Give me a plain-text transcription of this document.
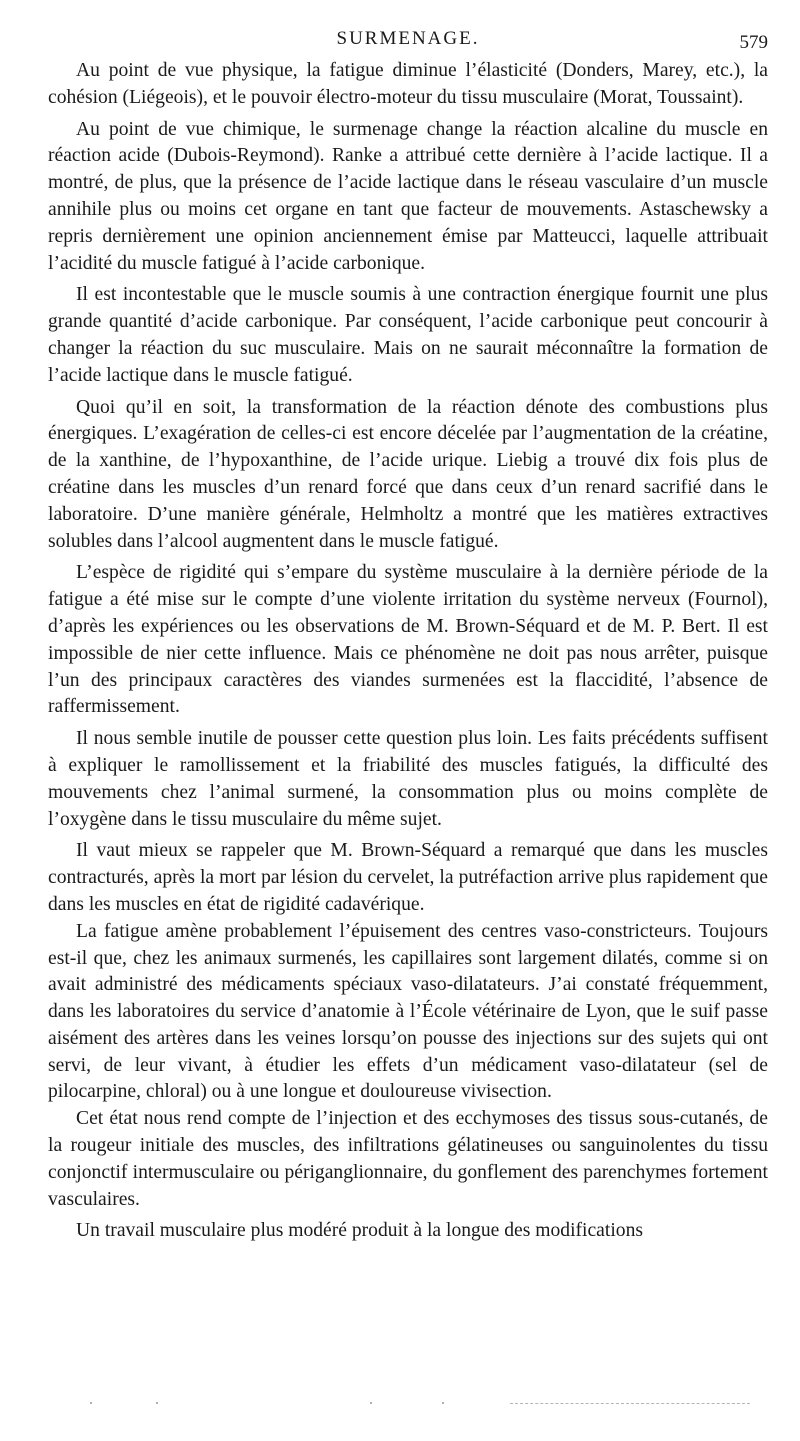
SURMENAGE.	579

Au point de vue physique, la fatigue diminue l’élasticité (Donders, Marey, etc.), la cohésion (Liégeois), et le pouvoir électro-moteur du tissu musculaire (Morat, Toussaint).

Au point de vue chimique, le surmenage change la réaction alcaline du muscle en réaction acide (Dubois-Reymond). Ranke a attribué cette dernière à l’acide lactique. Il a montré, de plus, que la présence de l’acide lactique dans le réseau vasculaire d’un muscle annihile plus ou moins cet organe en tant que facteur de mouvements. Astaschewsky a repris dernièrement une opinion anciennement émise par Matteucci, laquelle attribuait l’acidité du muscle fatigué à l’acide carbonique.

Il est incontestable que le muscle soumis à une contraction énergique fournit une plus grande quantité d’acide carbonique. Par conséquent, l’acide carbonique peut concourir à changer la réaction du suc musculaire. Mais on ne saurait méconnaître la formation de l’acide lactique dans le muscle fatigué.

Quoi qu’il en soit, la transformation de la réaction dénote des combustions plus énergiques. L’exagération de celles-ci est encore décelée par l’augmentation de la créatine, de la xanthine, de l’hypoxanthine, de l’acide urique. Liebig a trouvé dix fois plus de créatine dans les muscles d’un renard forcé que dans ceux d’un renard sacrifié dans le laboratoire. D’une manière générale, Helmholtz a montré que les matières extractives solubles dans l’alcool augmentent dans le muscle fatigué.

L’espèce de rigidité qui s’empare du système musculaire à la dernière période de la fatigue a été mise sur le compte d’une violente irritation du système nerveux (Fournol), d’après les expériences ou les observations de M. Brown-Séquard et de M. P. Bert. Il est impossible de nier cette influence. Mais ce phénomène ne doit pas nous arrêter, puisque l’un des principaux caractères des viandes surmenées est la flaccidité, l’absence de raffermissement.

Il nous semble inutile de pousser cette question plus loin. Les faits précédents suffisent à expliquer le ramollissement et la friabilité des muscles fatigués, la difficulté des mouvements chez l’animal surmené, la consommation plus ou moins complète de l’oxygène dans le tissu musculaire du même sujet.

Il vaut mieux se rappeler que M. Brown-Séquard a remarqué que dans les muscles contracturés, après la mort par lésion du cervelet, la putréfaction arrive plus rapidement que dans les muscles en état de rigidité cadavérique.

La fatigue amène probablement l’épuisement des centres vaso-constricteurs. Toujours est-il que, chez les animaux surmenés, les capillaires sont largement dilatés, comme si on avait administré des médicaments spéciaux vaso-dilatateurs. J’ai constaté fréquemment, dans les laboratoires du service d’anatomie à l’École vétérinaire de Lyon, que le suif passe aisément des artères dans les veines lorsqu’on pousse des injections sur des sujets qui ont servi, de leur vivant, à étudier les effets d’un médicament vaso-dilatateur (sel de pilocarpine, chloral) ou à une longue et douloureuse vivisection.

Cet état nous rend compte de l’injection et des ecchymoses des tissus sous-cutanés, de la rougeur initiale des muscles, des infiltrations gélatineuses ou sanguinolentes du tissu conjonctif intermusculaire ou périganglionnaire, du gonflement des parenchymes fortement vasculaires.

Un travail musculaire plus modéré produit à la longue des modifications
